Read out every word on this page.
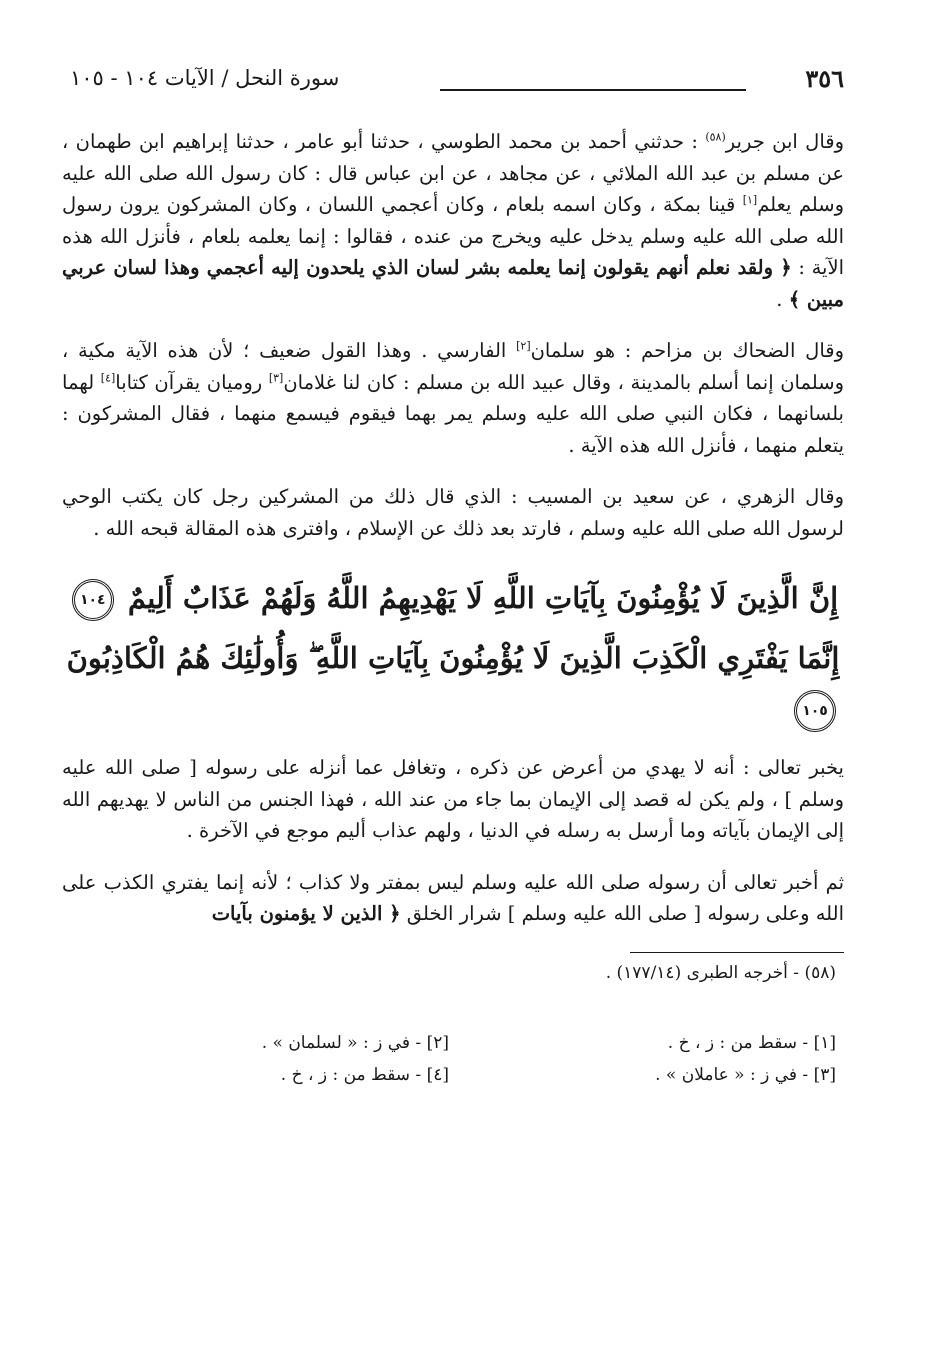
٣٥٦
سورة النحل / الآيات ١٠٤ - ١٠٥

وقال ابن جرير$^{(٥٨)}$ : حدثني أحمد بن محمد الطوسي ، حدثنا أبو عامر ، حدثنا إبراهيم ابن طهمان ، عن مسلم بن عبد الله الملائي ، عن مجاهد ، عن ابن عباس قال : كان رسول الله صلى الله عليه وسلم يعلم[١] قينا بمكة ، وكان اسمه بلعام ، وكان أعجمي اللسان ، وكان المشركون يرون رسول الله صلى الله عليه وسلم يدخل عليه ويخرج من عنده ، فقالوا : إنما يعلمه بلعام ، فأنزل الله هذه الآية : ﴿ ولقد نعلم أنهم يقولون إنما يعلمه بشر لسان الذي يلحدون إليه أعجمي وهذا لسان عربي مبين ﴾ .

وقال الضحاك بن مزاحم : هو سلمان[٢] الفارسي . وهذا القول ضعيف ؛ لأن هذه الآية مكية ، وسلمان إنما أسلم بالمدينة ، وقال عبيد الله بن مسلم : كان لنا غلامان[٣] روميان يقرآن كتابا[٤] لهما بلسانهما ، فكان النبي صلى الله عليه وسلم يمر بهما فيقوم فيسمع منهما ، فقال المشركون : يتعلم منهما ، فأنزل الله هذه الآية .

وقال الزهري ، عن سعيد بن المسيب : الذي قال ذلك من المشركين رجل كان يكتب الوحي لرسول الله صلى الله عليه وسلم ، فارتد بعد ذلك عن الإسلام ، وافترى هذه المقالة قبحه الله .

إِنَّ الَّذِينَ لَا يُؤْمِنُونَ بِآيَاتِ اللَّهِ لَا يَهْدِيهِمُ اللَّهُ وَلَهُمْ عَذَابٌ أَلِيمٌ ١٠٤
إِنَّمَا يَفْتَرِي الْكَذِبَ الَّذِينَ لَا يُؤْمِنُونَ بِآيَاتِ اللَّهِ ۖ وَأُولَٰئِكَ هُمُ الْكَاذِبُونَ
١٠٥

يخبر تعالى : أنه لا يهدي من أعرض عن ذكره ، وتغافل عما أنزله على رسوله [ صلى الله عليه وسلم ] ، ولم يكن له قصد إلى الإيمان بما جاء من عند الله ، فهذا الجنس من الناس لا يهديهم الله إلى الإيمان بآياته وما أرسل به رسله في الدنيا ، ولهم عذاب أليم موجع في الآخرة .

ثم أخبر تعالى أن رسوله صلى الله عليه وسلم ليس بمفتر ولا كذاب ؛ لأنه إنما يفتري الكذب على الله وعلى رسوله [ صلى الله عليه وسلم ] شرار الخلق ﴿ الذين لا يؤمنون بآيات

(٥٨) - أخرجه الطبرى (١٧٧/١٤) .
[١] - سقط من : ز ، خ .
[٢] - في ز : « لسلمان » .
[٣] - في ز : « عاملان » .
[٤] - سقط من : ز ، خ .
